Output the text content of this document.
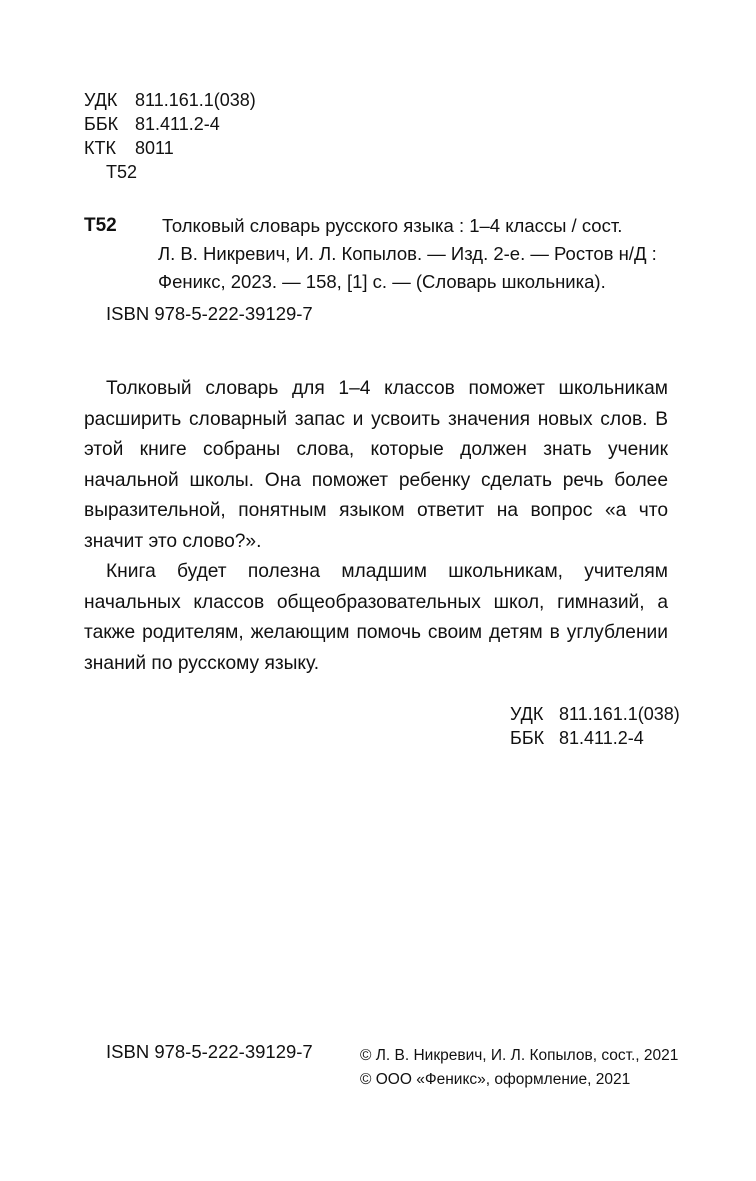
УДК 811.161.1(038)
ББК 81.411.2-4
КТК 8011
Т52
Т52 Толковый словарь русского языка : 1–4 классы / сост.
Л. В. Никревич, И. Л. Копылов. — Изд. 2-е. — Ростов н/Д :
Феникс, 2023. — 158, [1] с. — (Словарь школьника).
ISBN 978-5-222-39129-7

Толковый словарь для 1–4 классов поможет школьникам расширить словарный запас и усвоить значения новых слов. В этой книге собраны слова, которые должен знать ученик начальной школы. Она поможет ребенку сделать речь более выразительной, понятным языком ответит на вопрос «а что значит это слово?».

Книга будет полезна младшим школьникам, учителям начальных классов общеобразовательных школ, гимназий, а также родителям, желающим помочь своим детям в углублении знаний по русскому языку.

УДК 811.161.1(038)
ББК 81.411.2-4
ISBN 978-5-222-39129-7	© Л. В. Никревич, И. Л. Копылов, сост., 2021
© ООО «Феникс», оформление, 2021
